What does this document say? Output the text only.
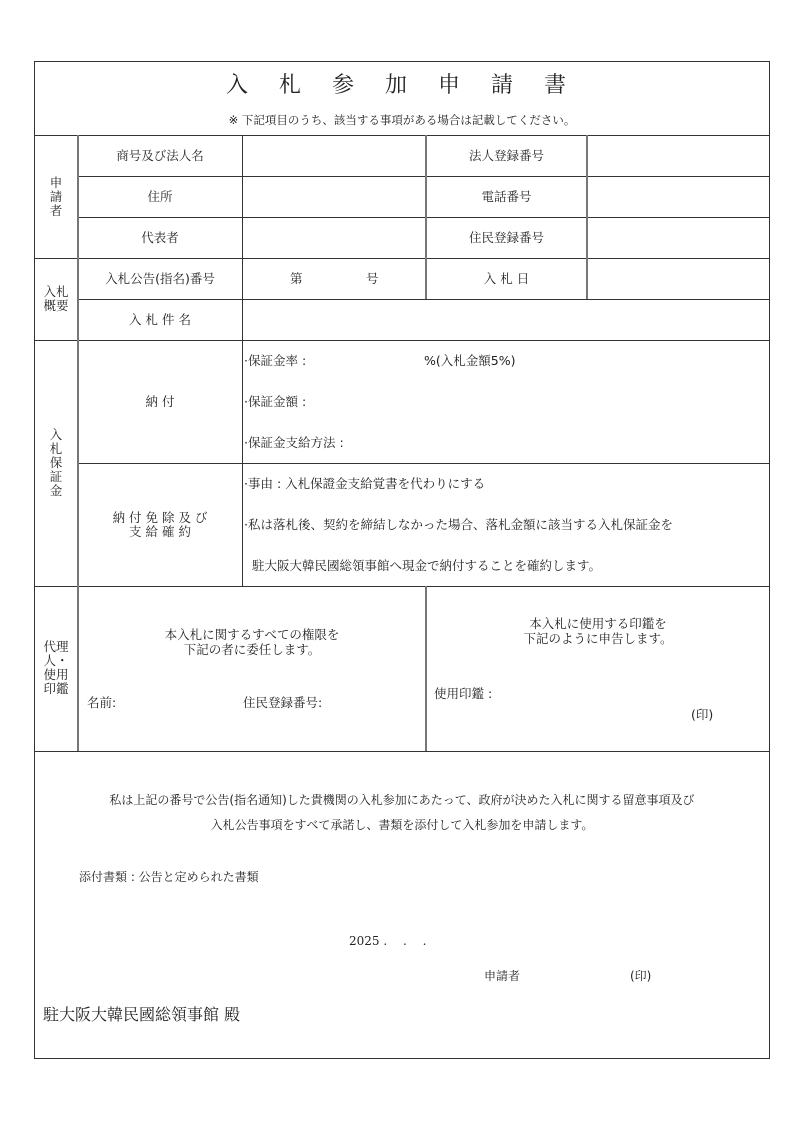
入 札 参 加 申 請 書
※ 下記項目のうち、該当する事項がある場合は記載してください。
申
請
者
商号及び法人名	法人登録番号
住所	電話番号
代表者	住民登録番号
入札
概要
入札公告(指名)番号	第	号	入 札 日
入 札 件 名
入
札
保
証
金
納 付
·保証金率 :	%(入札金額5%)
·保証金額 :
·保証金支給方法 :
納 付 免 除 及 び
支 給 確 約
·事由 : 入札保證金支給覚書を代わりにする
·私は落札後、契約を締結しなかった場合、落札金額に該当する入札保証金を
駐大阪大韓民國総領事館へ現金で納付することを確約します。
代理
人・
使用
印鑑
本入札に関するすべての権限を
下記の者に委任します。
名前:	住民登録番号:
本入札に使用する印鑑を
下記のように申告します。
使用印鑑 :
(印)
私は上記の番号で公告(指名通知)した貴機関の入札参加にあたって、政府が決めた入札に関する留意事項及び
入札公告事項をすべて承諾し、書類を添付して入札参加を申請します。
添付書類 : 公告と定められた書類
2025 .　 .　 .
申請者	(印)
駐大阪大韓民國総領事館 殿
